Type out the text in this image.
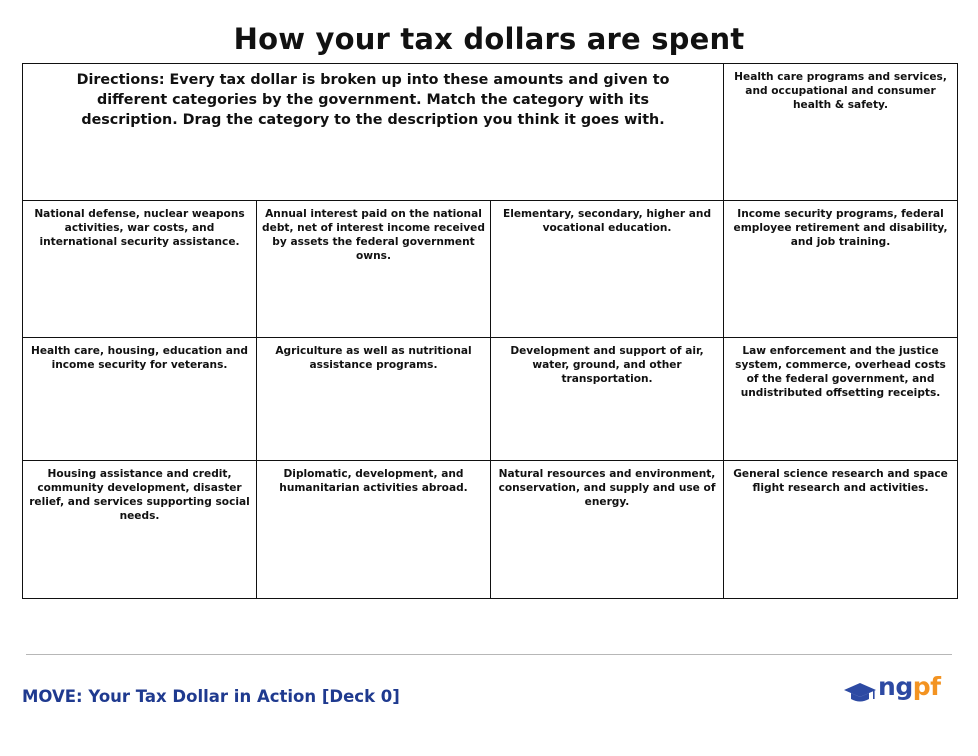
How your tax dollars are spent
Directions: Every tax dollar is broken up into these amounts and given to different categories by the government. Match the category with its description. Drag the category to the description you think it goes with.			Health care programs and services, and occupational and consumer health & safety.
National defense, nuclear weapons activities, war costs, and international security assistance.	Annual interest paid on the national debt, net of interest income received by assets the federal government owns.	Elementary, secondary, higher and vocational education.	Income security programs, federal employee retirement and disability, and job training.
Health care, housing, education and income security for veterans.	Agriculture as well as nutritional assistance programs.	Development and support of air, water, ground, and other transportation.	Law enforcement and the justice system, commerce, overhead costs of the federal government, and undistributed offsetting receipts.
Housing assistance and credit, community development, disaster relief, and services supporting social needs.	Diplomatic, development, and humanitarian activities abroad.	Natural resources and environment, conservation, and supply and use of energy.	General science research and space flight research and activities.
MOVE: Your Tax Dollar in Action [Deck 0]	ngpf
